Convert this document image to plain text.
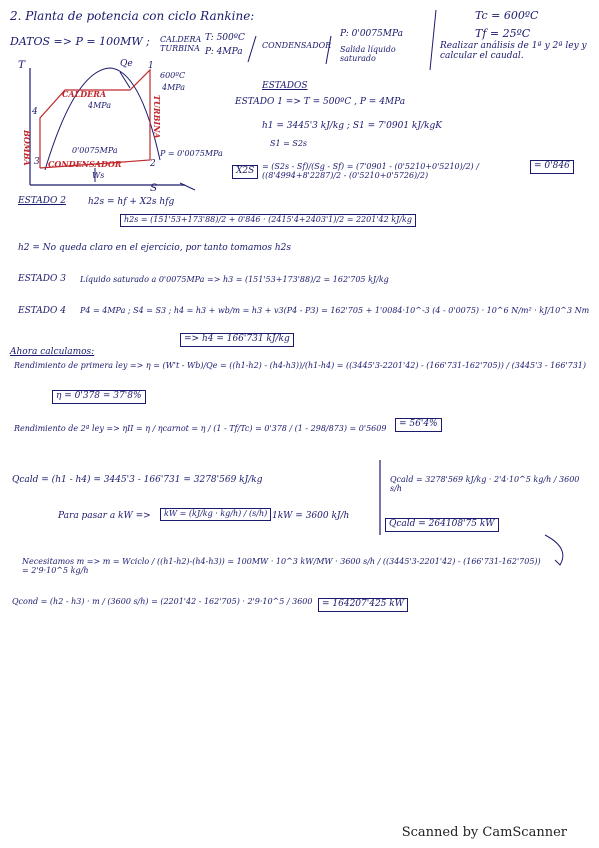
2. Planta de potencia con ciclo Rankine:	Tc = 600ºC
Tf = 25ºC
DATOS => P = 100MW ; CALDERA TURBINA
T: 500ºC
P: 4MPa
CONDENSADOR
P: 0'0075MPa
Salida líquido saturado
Realizar análisis de 1ª y 2ª ley y calcular el caudal.
T
S
Qe
CALDERA
4MPa	TURBINA
600ºC
4MPa
BOMBA	0'0075MPa
CONDENSADOR
Ws
P = 0'0075MPa
1
2
3
4
ESTADOS
ESTADO 1 => T = 500ºC , P = 4MPa
h1 = 3445'3 kJ/kg ; S1 = 7'0901 kJ/kgK
S1 = S2s
X2S = (S2s - Sf)/(Sg - Sf) = (7'0901 - (0'5210+0'5210)/2) / ((8'4994+8'2287)/2 - (0'5210+0'5726)/2)
= 0'846
ESTADO 2 h2s = hf + X2s hfg
h2s = (151'53+173'88)/2 + 0'846 · (2415'4+2403'1)/2 = 2201'42 kJ/kg
h2 = No queda claro en el ejercicio, por tanto tomamos h2s
ESTADO 3 Líquido saturado a 0'0075MPa => h3 = (151'53+173'88)/2 = 162'705 kJ/kg
ESTADO 4 P4 = 4MPa ; S4 = S3 ; h4 = h3 + wb/m = h3 + v3(P4 - P3) = 162'705 + 1'0084·10^-3 (4 - 0'0075) · 10^6 N/m² · kJ/10^3 Nm
=> h4 = 166'731 kJ/kg
Ahora calculamos:
Rendimiento de primera ley => η = (W't - Wb)/Qe = ((h1-h2) - (h4-h3))/(h1-h4) = ((3445'3-2201'42) - (166'731-162'705)) / (3445'3 - 166'731)
η = 0'378 = 37'8%
Rendimiento de 2ª ley => ηII = η / ηcarnot = η / (1 - Tf/Tc) = 0'378 / (1 - 298/873) = 0'5609	= 56'4%
Qcald = (h1 - h4) = 3445'3 - 166'731 = 3278'569 kJ/kg	Qcald = 3278'569 kJ/kg · 2'4·10^5 kg/h / 3600 s/h
Qcald = 264108'75 kW
Para pasar a kW =>	kW = (kJ/kg · kg/h) / (s/h) 1kW = 3600 kJ/h
Necesitamos m => m = Wciclo / ((h1-h2)-(h4-h3)) = 100MW · 10^3 kW/MW · 3600 s/h / ((3445'3-2201'42) - (166'731-162'705)) = 2'9·10^5 kg/h
Qcond = (h2 - h3) · m / (3600 s/h) = (2201'42 - 162'705) · 2'9·10^5 / 3600	= 164207'425 kW
Scanned by CamScanner
